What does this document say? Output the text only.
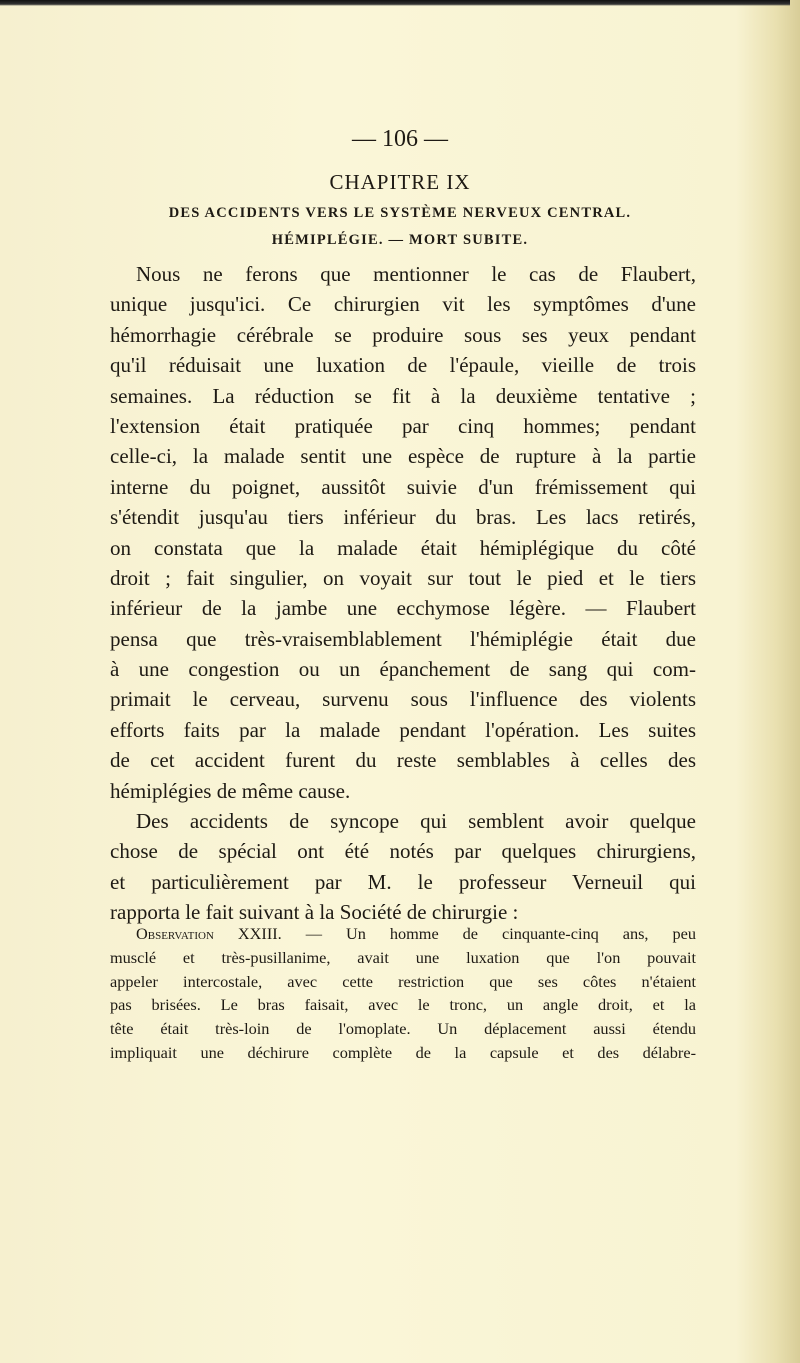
— 106 —
CHAPITRE IX
DES ACCIDENTS VERS LE SYSTÈME NERVEUX CENTRAL.
HÉMIPLÉGIE. — MORT SUBITE.
Nous ne ferons que mentionner le cas de Flaubert,
unique jusqu'ici. Ce chirurgien vit les symptômes d'une
hémorrhagie cérébrale se produire sous ses yeux pendant
qu'il réduisait une luxation de l'épaule, vieille de trois
semaines. La réduction se fit à la deuxième tentative ;
l'extension était pratiquée par cinq hommes; pendant
celle-ci, la malade sentit une espèce de rupture à la partie
interne du poignet, aussitôt suivie d'un frémissement qui
s'étendit jusqu'au tiers inférieur du bras. Les lacs retirés,
on constata que la malade était hémiplégique du côté
droit ; fait singulier, on voyait sur tout le pied et le tiers
inférieur de la jambe une ecchymose légère. — Flaubert
pensa que très-vraisemblablement l'hémiplégie était due
à une congestion ou un épanchement de sang qui com-
primait le cerveau, survenu sous l'influence des violents
efforts faits par la malade pendant l'opération. Les suites
de cet accident furent du reste semblables à celles des
hémiplégies de même cause.
Des accidents de syncope qui semblent avoir quelque
chose de spécial ont été notés par quelques chirurgiens,
et particulièrement par M. le professeur Verneuil qui
rapporta le fait suivant à la Société de chirurgie :
Observation XXIII. — Un homme de cinquante-cinq ans, peu
musclé et très-pusillanime, avait une luxation que l'on pouvait
appeler intercostale, avec cette restriction que ses côtes n'étaient
pas brisées. Le bras faisait, avec le tronc, un angle droit, et la
tête était très-loin de l'omoplate. Un déplacement aussi étendu
impliquait une déchirure complète de la capsule et des délabre-
